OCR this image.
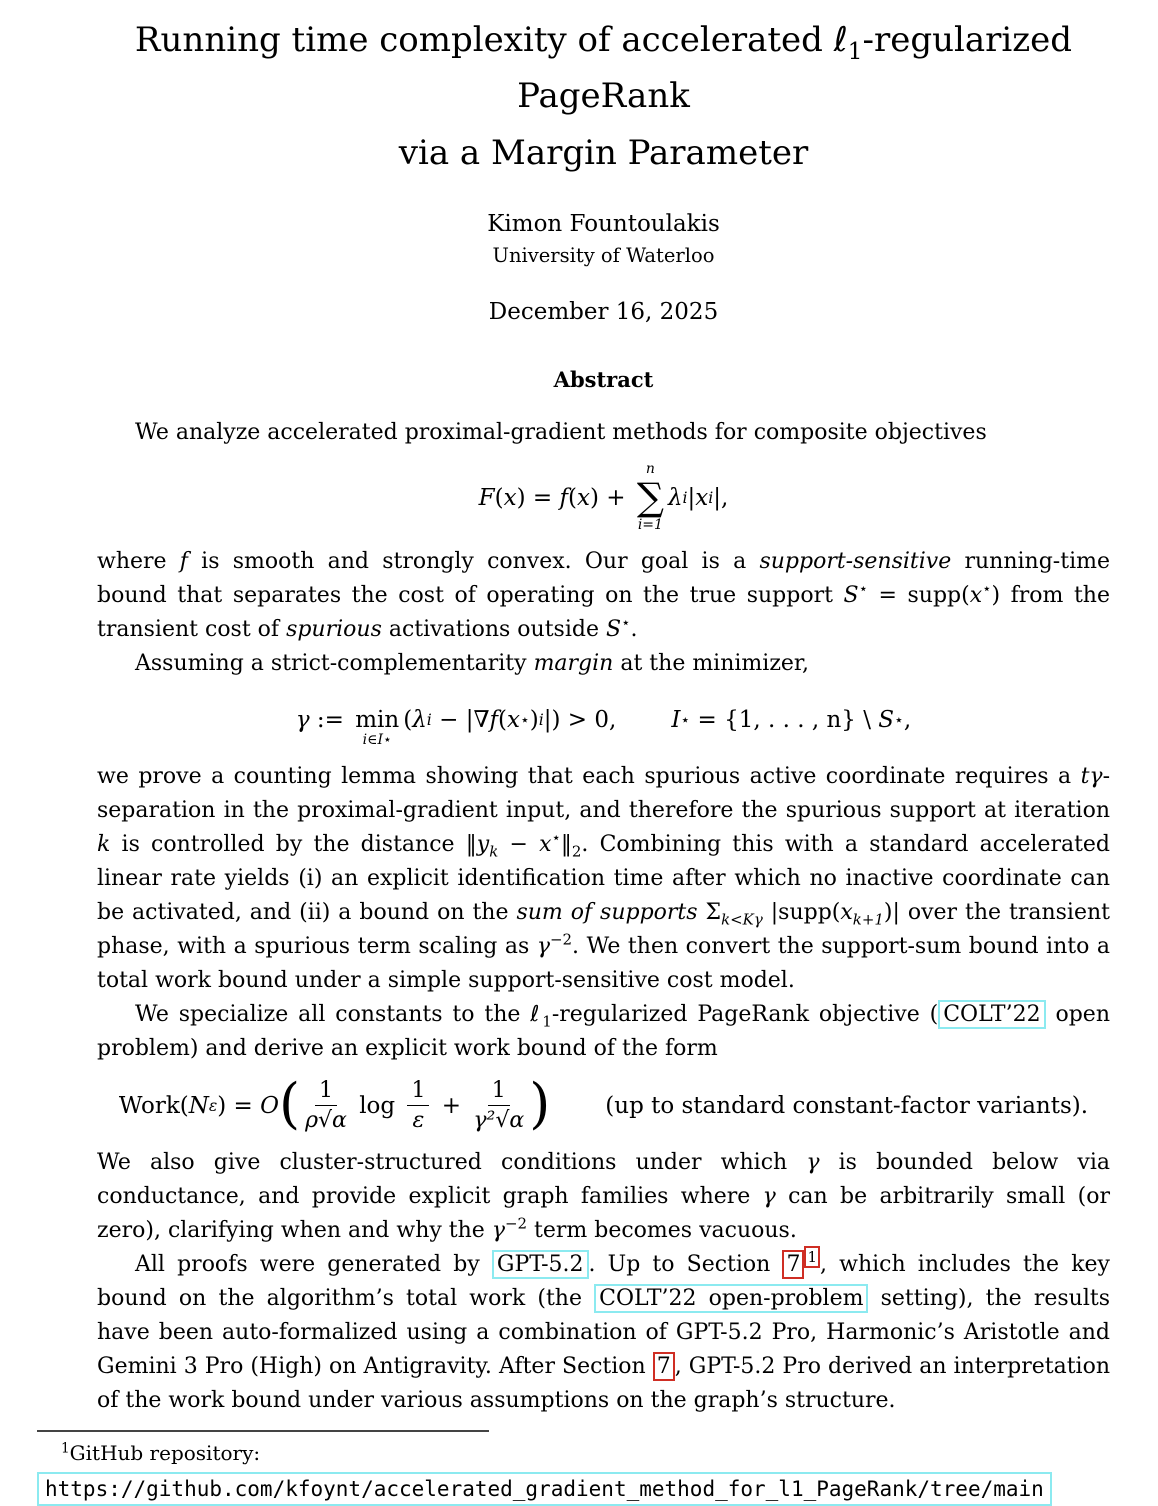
Running time complexity of accelerated ℓ$_1$-regularized PageRank
via a Margin Parameter
Kimon Fountoulakis
University of Waterloo
December 16, 2025
Abstract

We analyze accelerated proximal-gradient methods for composite objectives

F ( x ) = f ( x ) +
n
∑
i=1
λ i | x i |,

where f is smooth and strongly convex. Our goal is a support-sensitive running-time bound that separates the cost of operating on the true support S⋆ = supp(x⋆) from the transient cost of spurious activations outside S⋆.

Assuming a strict-complementarity margin at the minimizer,

γ :=
min
i∈I⋆
( λ i − |∇ f ( x ⋆ ) i |) > 0, I ⋆ = {1, . . . , n} \ S ⋆ ,

we prove a counting lemma showing that each spurious active coordinate requires a tγ-separation in the proximal-gradient input, and therefore the spurious support at iteration k is controlled by the distance $‖y_k$ − $x^⋆‖_2$. Combining this with a standard accelerated linear rate yields (i) an explicit identification time after which no inactive coordinate can be activated, and (ii) a bound on the sum of supports $\Sigma_{k<K\gamma}$ $|supp(x_{k+1})|$ over the transient phase, with a spurious term scaling as $\gamma^{-2}$. We then convert the support-sum bound into a total work bound under a simple support-sensitive cost model.

We specialize all constants to the ℓ$_1$-regularized PageRank objective ( COLT’22 open problem) and derive an explicit work bound of the form

Work( N ε ) = O ( $\frac{1}{\rho√\alpha}$ $\log \frac{1}{\varepsilon} + \frac{1}{\text{γ²√α}}$ ) (up to standard constant-factor variants).

We also give cluster-structured conditions under which γ is bounded below via conductance, and provide explicit graph families where γ can be arbitrarily small (or zero), clarifying when and why the $\gamma^{-2}$ term becomes vacuous.

All proofs were generated by GPT-5.2 . Up to Section 7 $^1$ , which includes the key bound on the algorithm’s total work (the COLT’22 open-problem setting), the results have been auto-formalized using a combination of GPT-5.2 Pro, Harmonic’s Aristotle and Gemini 3 Pro (High) on Antigravity. After Section 7 , GPT-5.2 Pro derived an interpretation of the work bound under various assumptions on the graph’s structure.

$^1$GitHub repository:

https://github.com/kfoynt/accelerated_gradient_method_for_l1_PageRank/tree/main
